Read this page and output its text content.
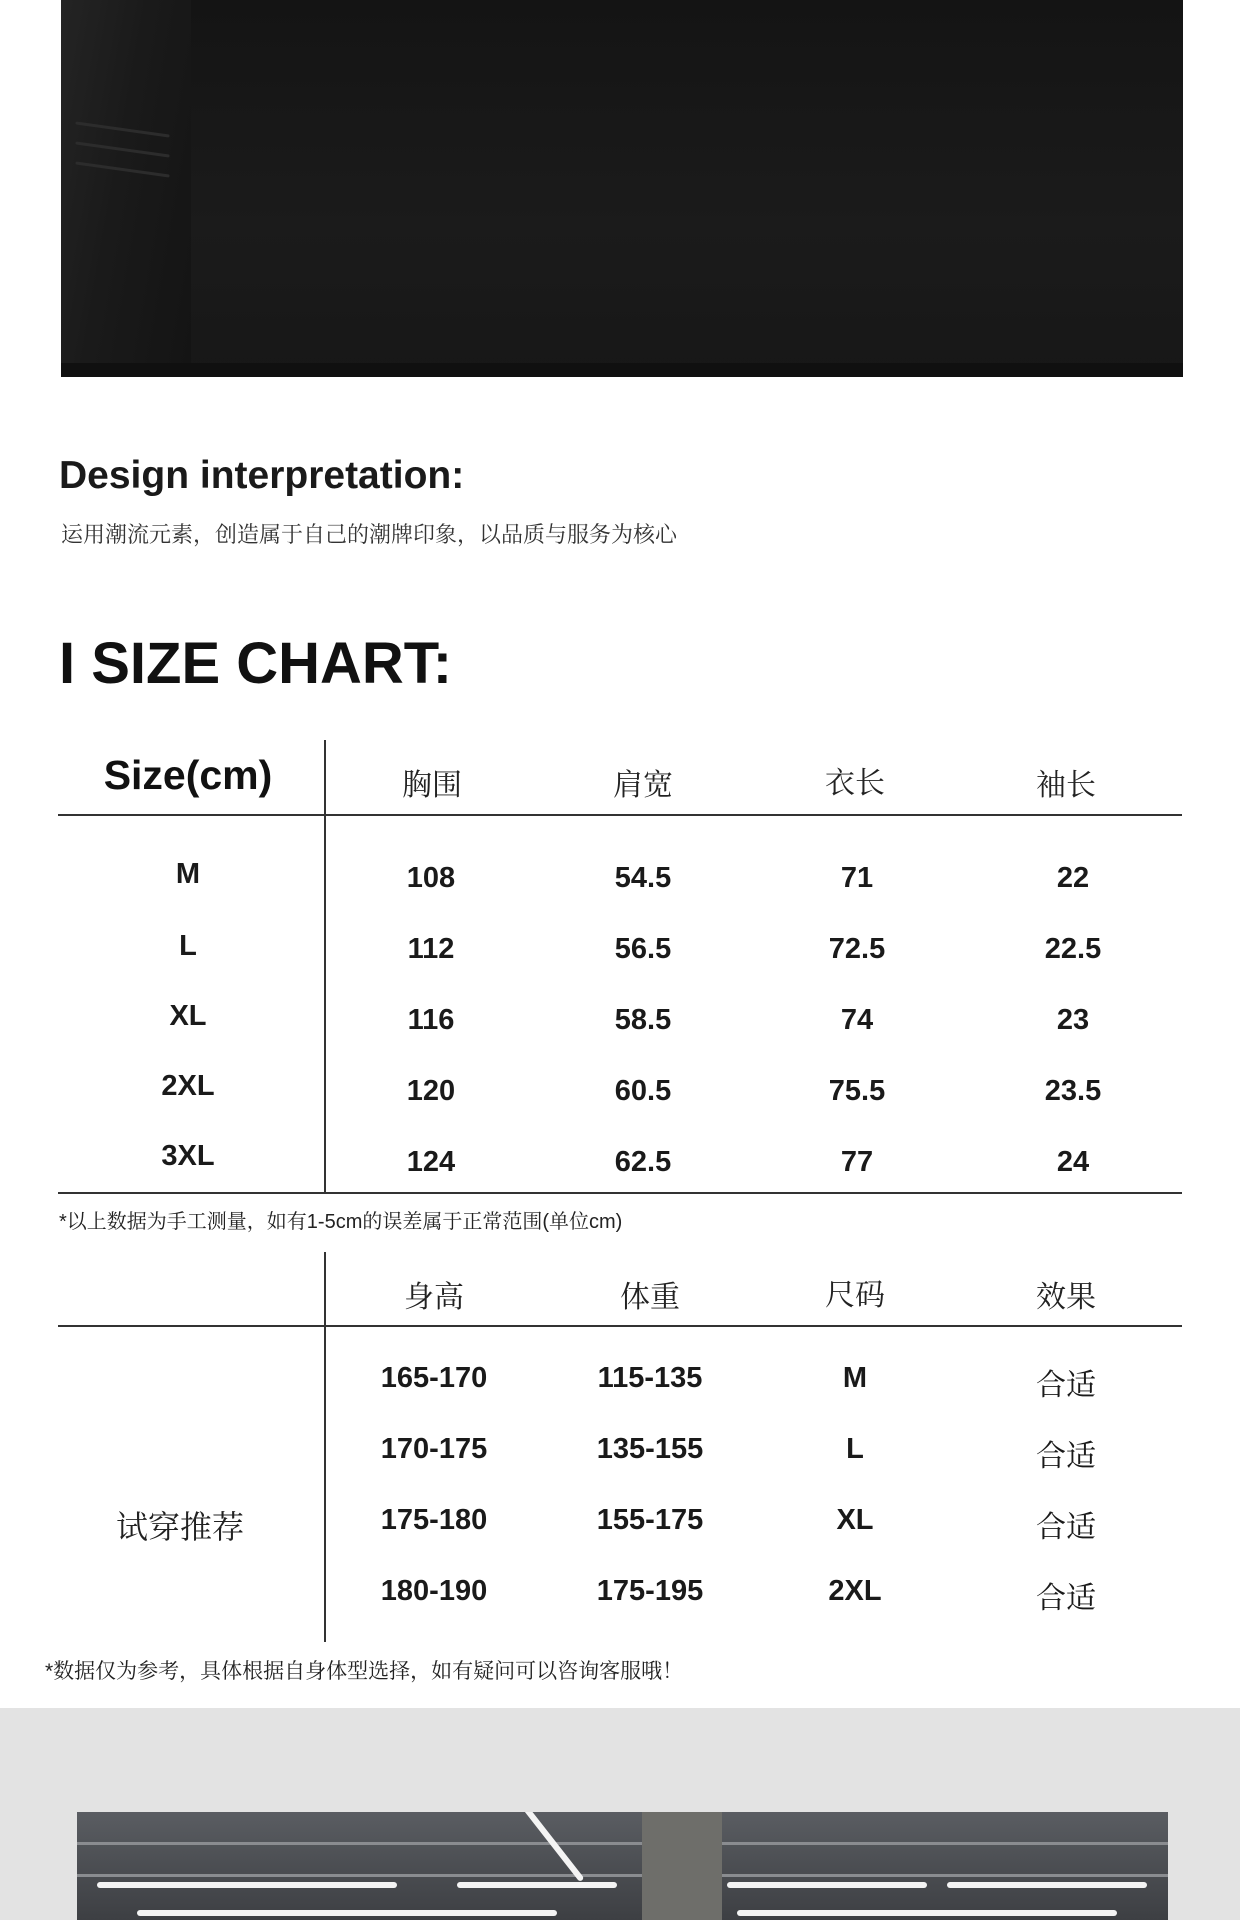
Design interpretation:
运用潮流元素，创造属于自己的潮牌印象，以品质与服务为核心
I SIZE CHART:
Size(cm)	胸围	肩宽	衣长	袖长
M	108	54.5	71	22
L	112	56.5	72.5	22.5
XL	116	58.5	74	23
2XL	120	60.5	75.5	23.5
3XL	124	62.5	77	24
*以上数据为手工测量，如有1-5cm的误差属于正常范围(单位cm)
身高	体重	尺码	效果
试穿推荐
165-170	115-135	M	合适
170-175	135-155	L	合适
175-180	155-175	XL	合适
180-190	175-195	2XL	合适
*数据仅为参考，具体根据自身体型选择，如有疑问可以咨询客服哦！
